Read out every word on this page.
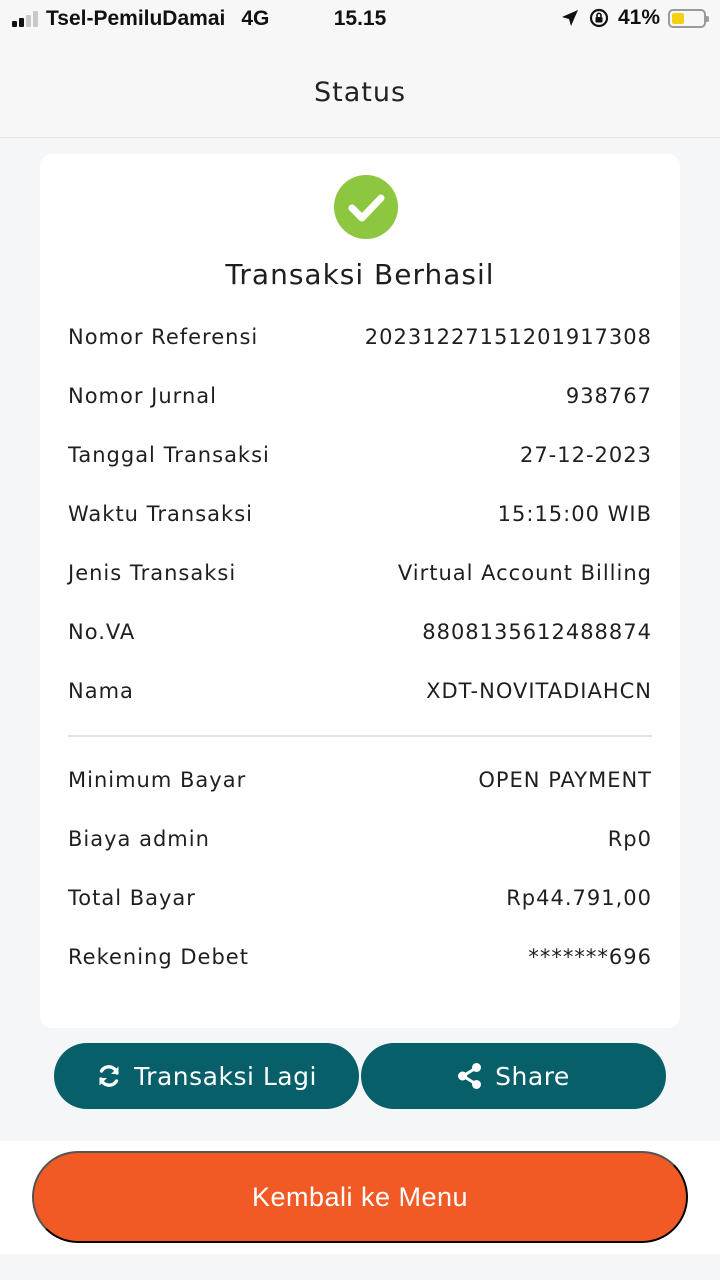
Tsel-PemiluDamai 4G	15.15	41%
Status
Transaksi Berhasil
Nomor Referensi	20231227151201917308
Nomor Jurnal	938767
Tanggal Transaksi	27-12-2023
Waktu Transaksi	15:15:00 WIB
Jenis Transaksi	Virtual Account Billing
No.VA	8808135612488874
Nama	XDT-NOVITADIAHCN
Minimum Bayar	OPEN PAYMENT
Biaya admin	Rp0
Total Bayar	Rp44.791,00
Rekening Debet	*******696
Transaksi Lagi	Share
Kembali ke Menu
